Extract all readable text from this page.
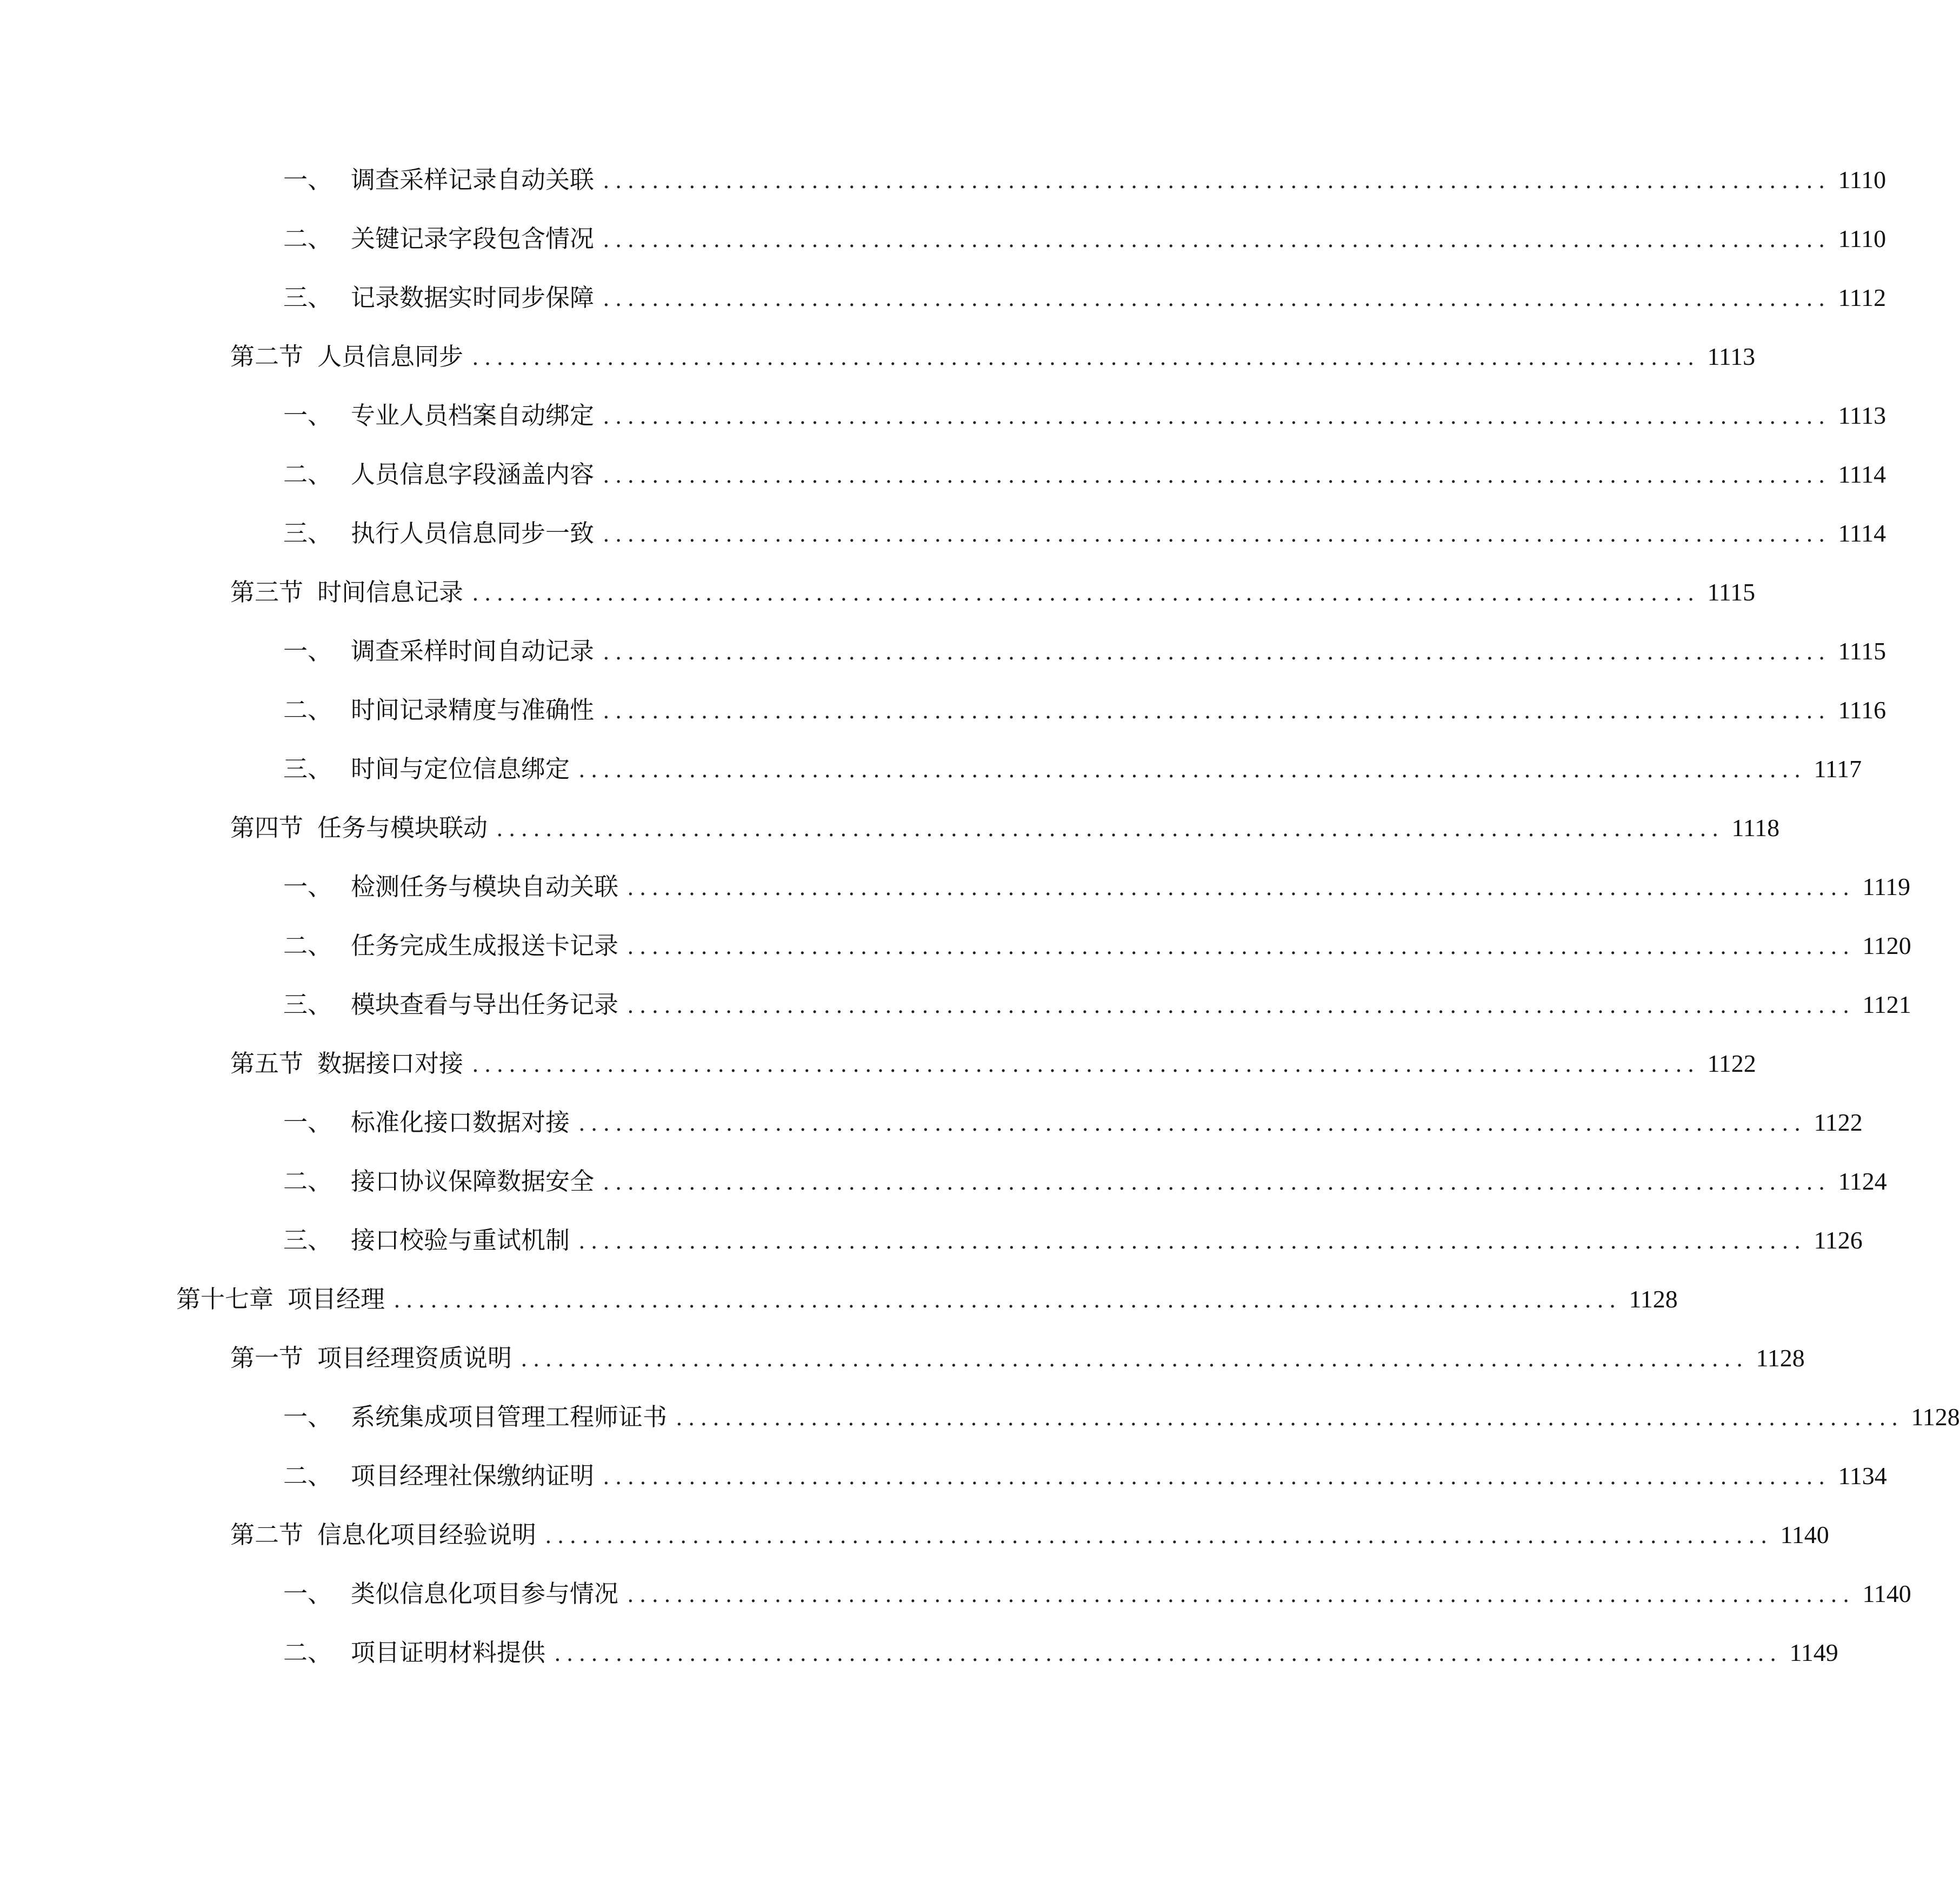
一、 调查采样记录自动关联 .................................................................................................... 1110
二、 关键记录字段包含情况 .................................................................................................... 1110
三、 记录数据实时同步保障 .................................................................................................... 1112
第二节 人员信息同步 .................................................................................................... 1113
一、 专业人员档案自动绑定 .................................................................................................... 1113
二、 人员信息字段涵盖内容 .................................................................................................... 1114
三、 执行人员信息同步一致 .................................................................................................... 1114
第三节 时间信息记录 .................................................................................................... 1115
一、 调查采样时间自动记录 .................................................................................................... 1115
二、 时间记录精度与准确性 .................................................................................................... 1116
三、 时间与定位信息绑定 .................................................................................................... 1117
第四节 任务与模块联动 .................................................................................................... 1118
一、 检测任务与模块自动关联 .................................................................................................... 1119
二、 任务完成生成报送卡记录 .................................................................................................... 1120
三、 模块查看与导出任务记录 .................................................................................................... 1121
第五节 数据接口对接 .................................................................................................... 1122
一、 标准化接口数据对接 .................................................................................................... 1122
二、 接口协议保障数据安全 .................................................................................................... 1124
三、 接口校验与重试机制 .................................................................................................... 1126
第十七章 项目经理 .................................................................................................... 1128
第一节 项目经理资质说明 .................................................................................................... 1128
一、 系统集成项目管理工程师证书 .................................................................................................... 1128
二、 项目经理社保缴纳证明 .................................................................................................... 1134
第二节 信息化项目经验说明 .................................................................................................... 1140
一、 类似信息化项目参与情况 .................................................................................................... 1140
二、 项目证明材料提供 .................................................................................................... 1149
